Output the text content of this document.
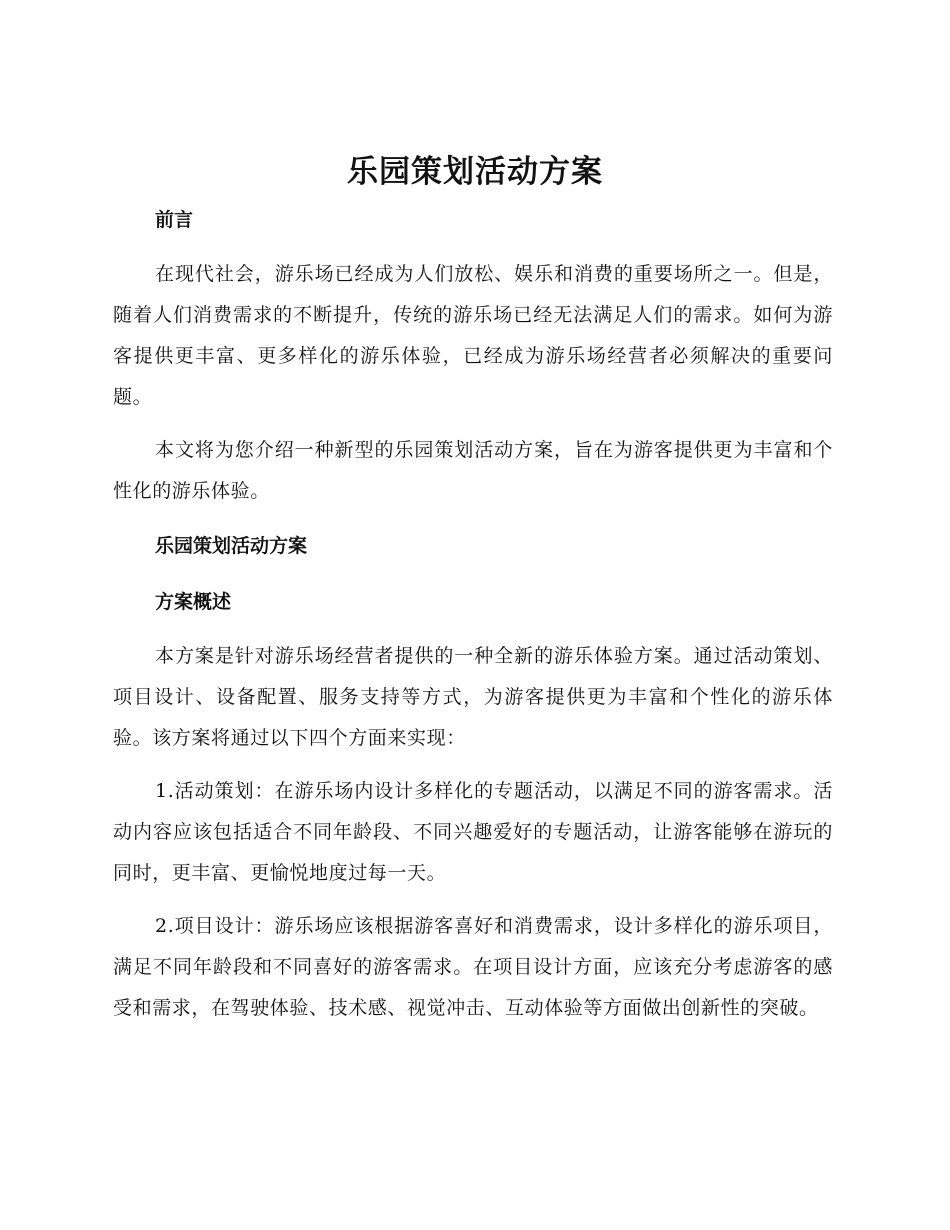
乐园策划活动方案

前言

在现代社会，游乐场已经成为人们放松、娱乐和消费的重要场所之一。但是，随着人们消费需求的不断提升，传统的游乐场已经无法满足人们的需求。如何为游客提供更丰富、更多样化的游乐体验，已经成为游乐场经营者必须解决的重要问题。

本文将为您介绍一种新型的乐园策划活动方案，旨在为游客提供更为丰富和个性化的游乐体验。

乐园策划活动方案

方案概述

本方案是针对游乐场经营者提供的一种全新的游乐体验方案。通过活动策划、项目设计、设备配置、服务支持等方式，为游客提供更为丰富和个性化的游乐体验。该方案将通过以下四个方面来实现：

1.活动策划：在游乐场内设计多样化的专题活动，以满足不同的游客需求。活动内容应该包括适合不同年龄段、不同兴趣爱好的专题活动，让游客能够在游玩的同时，更丰富、更愉悦地度过每一天。

2.项目设计：游乐场应该根据游客喜好和消费需求，设计多样化的游乐项目，满足不同年龄段和不同喜好的游客需求。在项目设计方面，应该充分考虑游客的感受和需求，在驾驶体验、技术感、视觉冲击、互动体验等方面做出创新性的突破。
